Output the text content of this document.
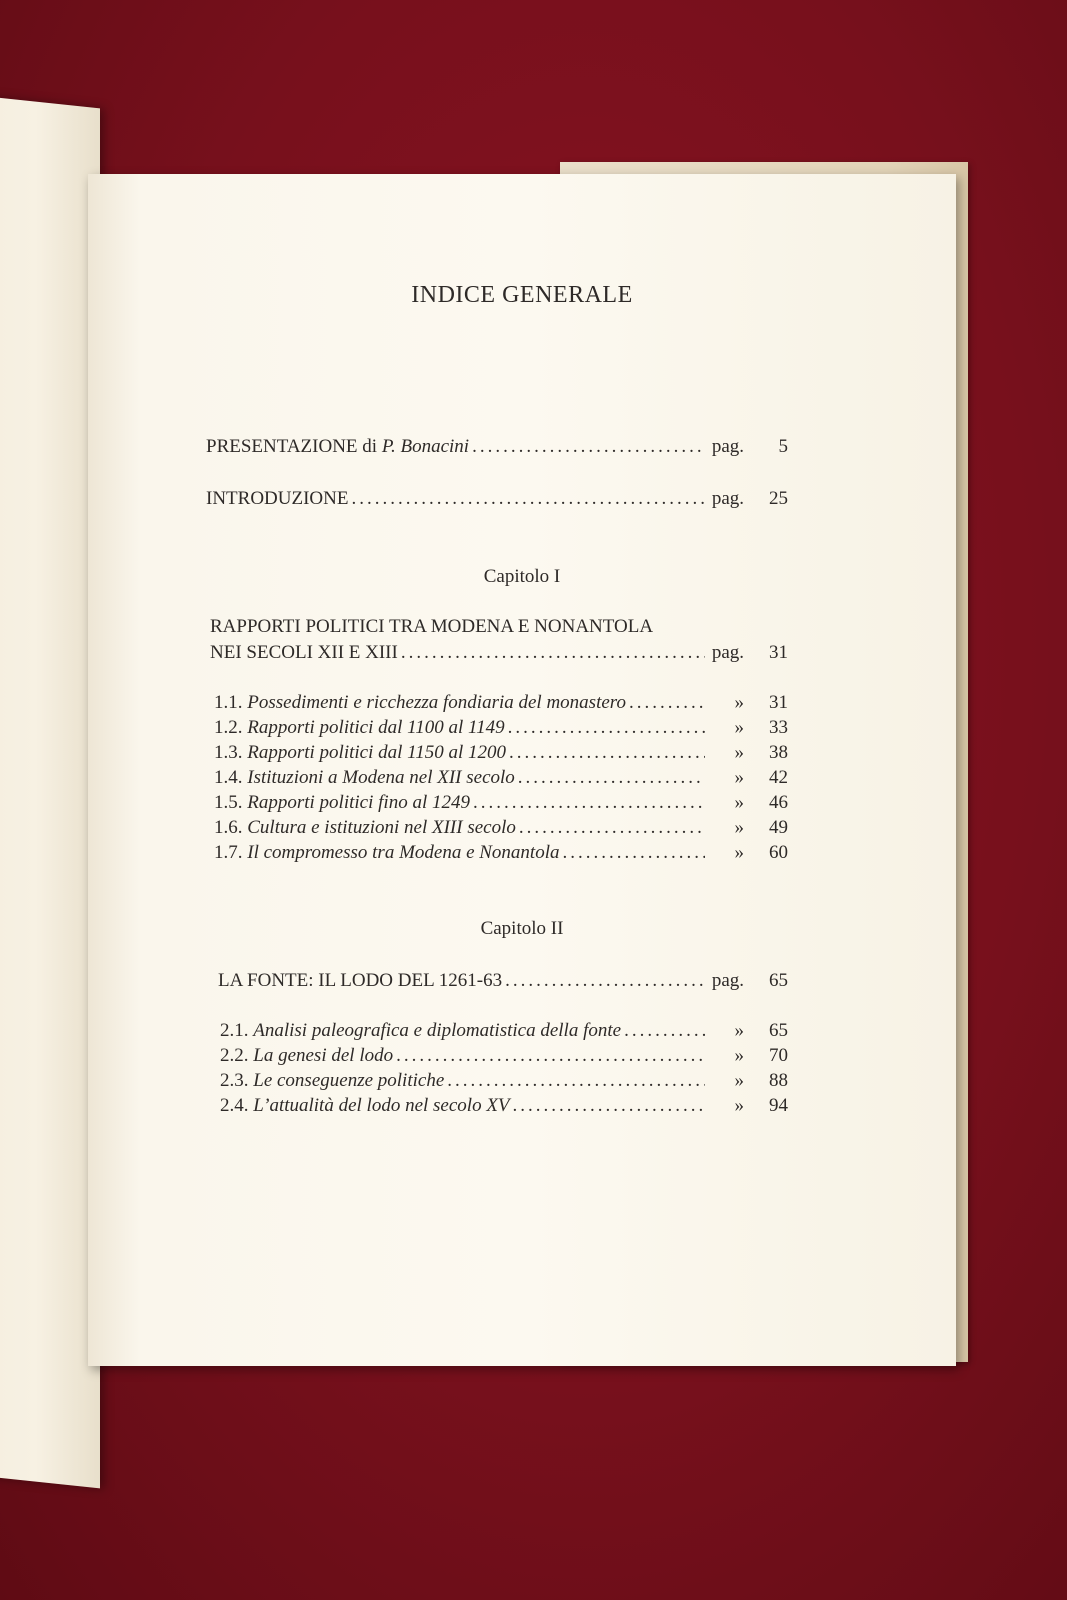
INDICE GENERALE
PRESENTAZIONE di P. Bonacini .....	pag.	5
INTRODUZIONE .....	pag.	25
Capitolo I
RAPPORTI POLITICI TRA MODENA E NONANTOLA
NEI SECOLI XII E XIII .....	pag.	31
1.1. Possedimenti e ricchezza fondiaria del monastero .....	»	31
1.2. Rapporti politici dal 1100 al 1149 .....	»	33
1.3. Rapporti politici dal 1150 al 1200 .....	»	38
1.4. Istituzioni a Modena nel XII secolo .....	»	42
1.5. Rapporti politici fino al 1249 .....	»	46
1.6. Cultura e istituzioni nel XIII secolo .....	»	49
1.7. Il compromesso tra Modena e Nonantola .....	»	60
Capitolo II
LA FONTE: IL LODO DEL 1261-63 .....	pag.	65
2.1. Analisi paleografica e diplomatistica della fonte .....	»	65
2.2. La genesi del lodo .....	»	70
2.3. Le conseguenze politiche .....	»	88
2.4. L’attualità del lodo nel secolo XV .....	»	94
